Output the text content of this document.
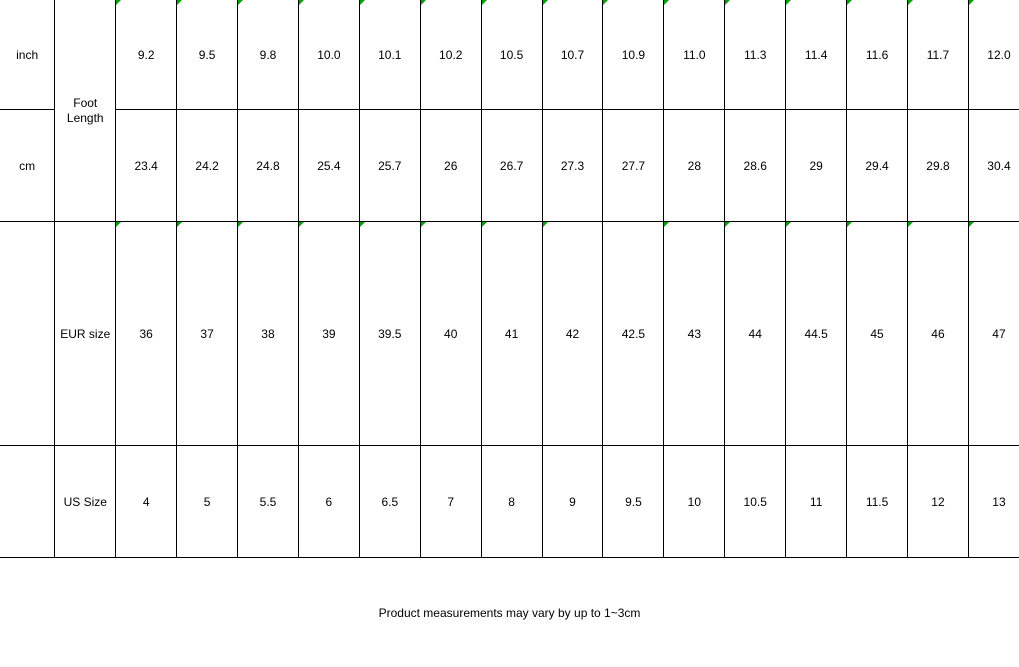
inch	Foot Length	9.2	9.5	9.8	10.0	10.1	10.2	10.5	10.7	10.9	11.0	11.3	11.4	11.6	11.7	12.0
cm		23.4	24.2	24.8	25.4	25.7	26	26.7	27.3	27.7	28	28.6	29	29.4	29.8	30.4
	EUR size	36	37	38	39	39.5	40	41	42	42.5	43	44	44.5	45	46	47
	US Size	4	5	5.5	6	6.5	7	8	9	9.5	10	10.5	11	11.5	12	13
Product measurements may vary by up to 1~3cm
